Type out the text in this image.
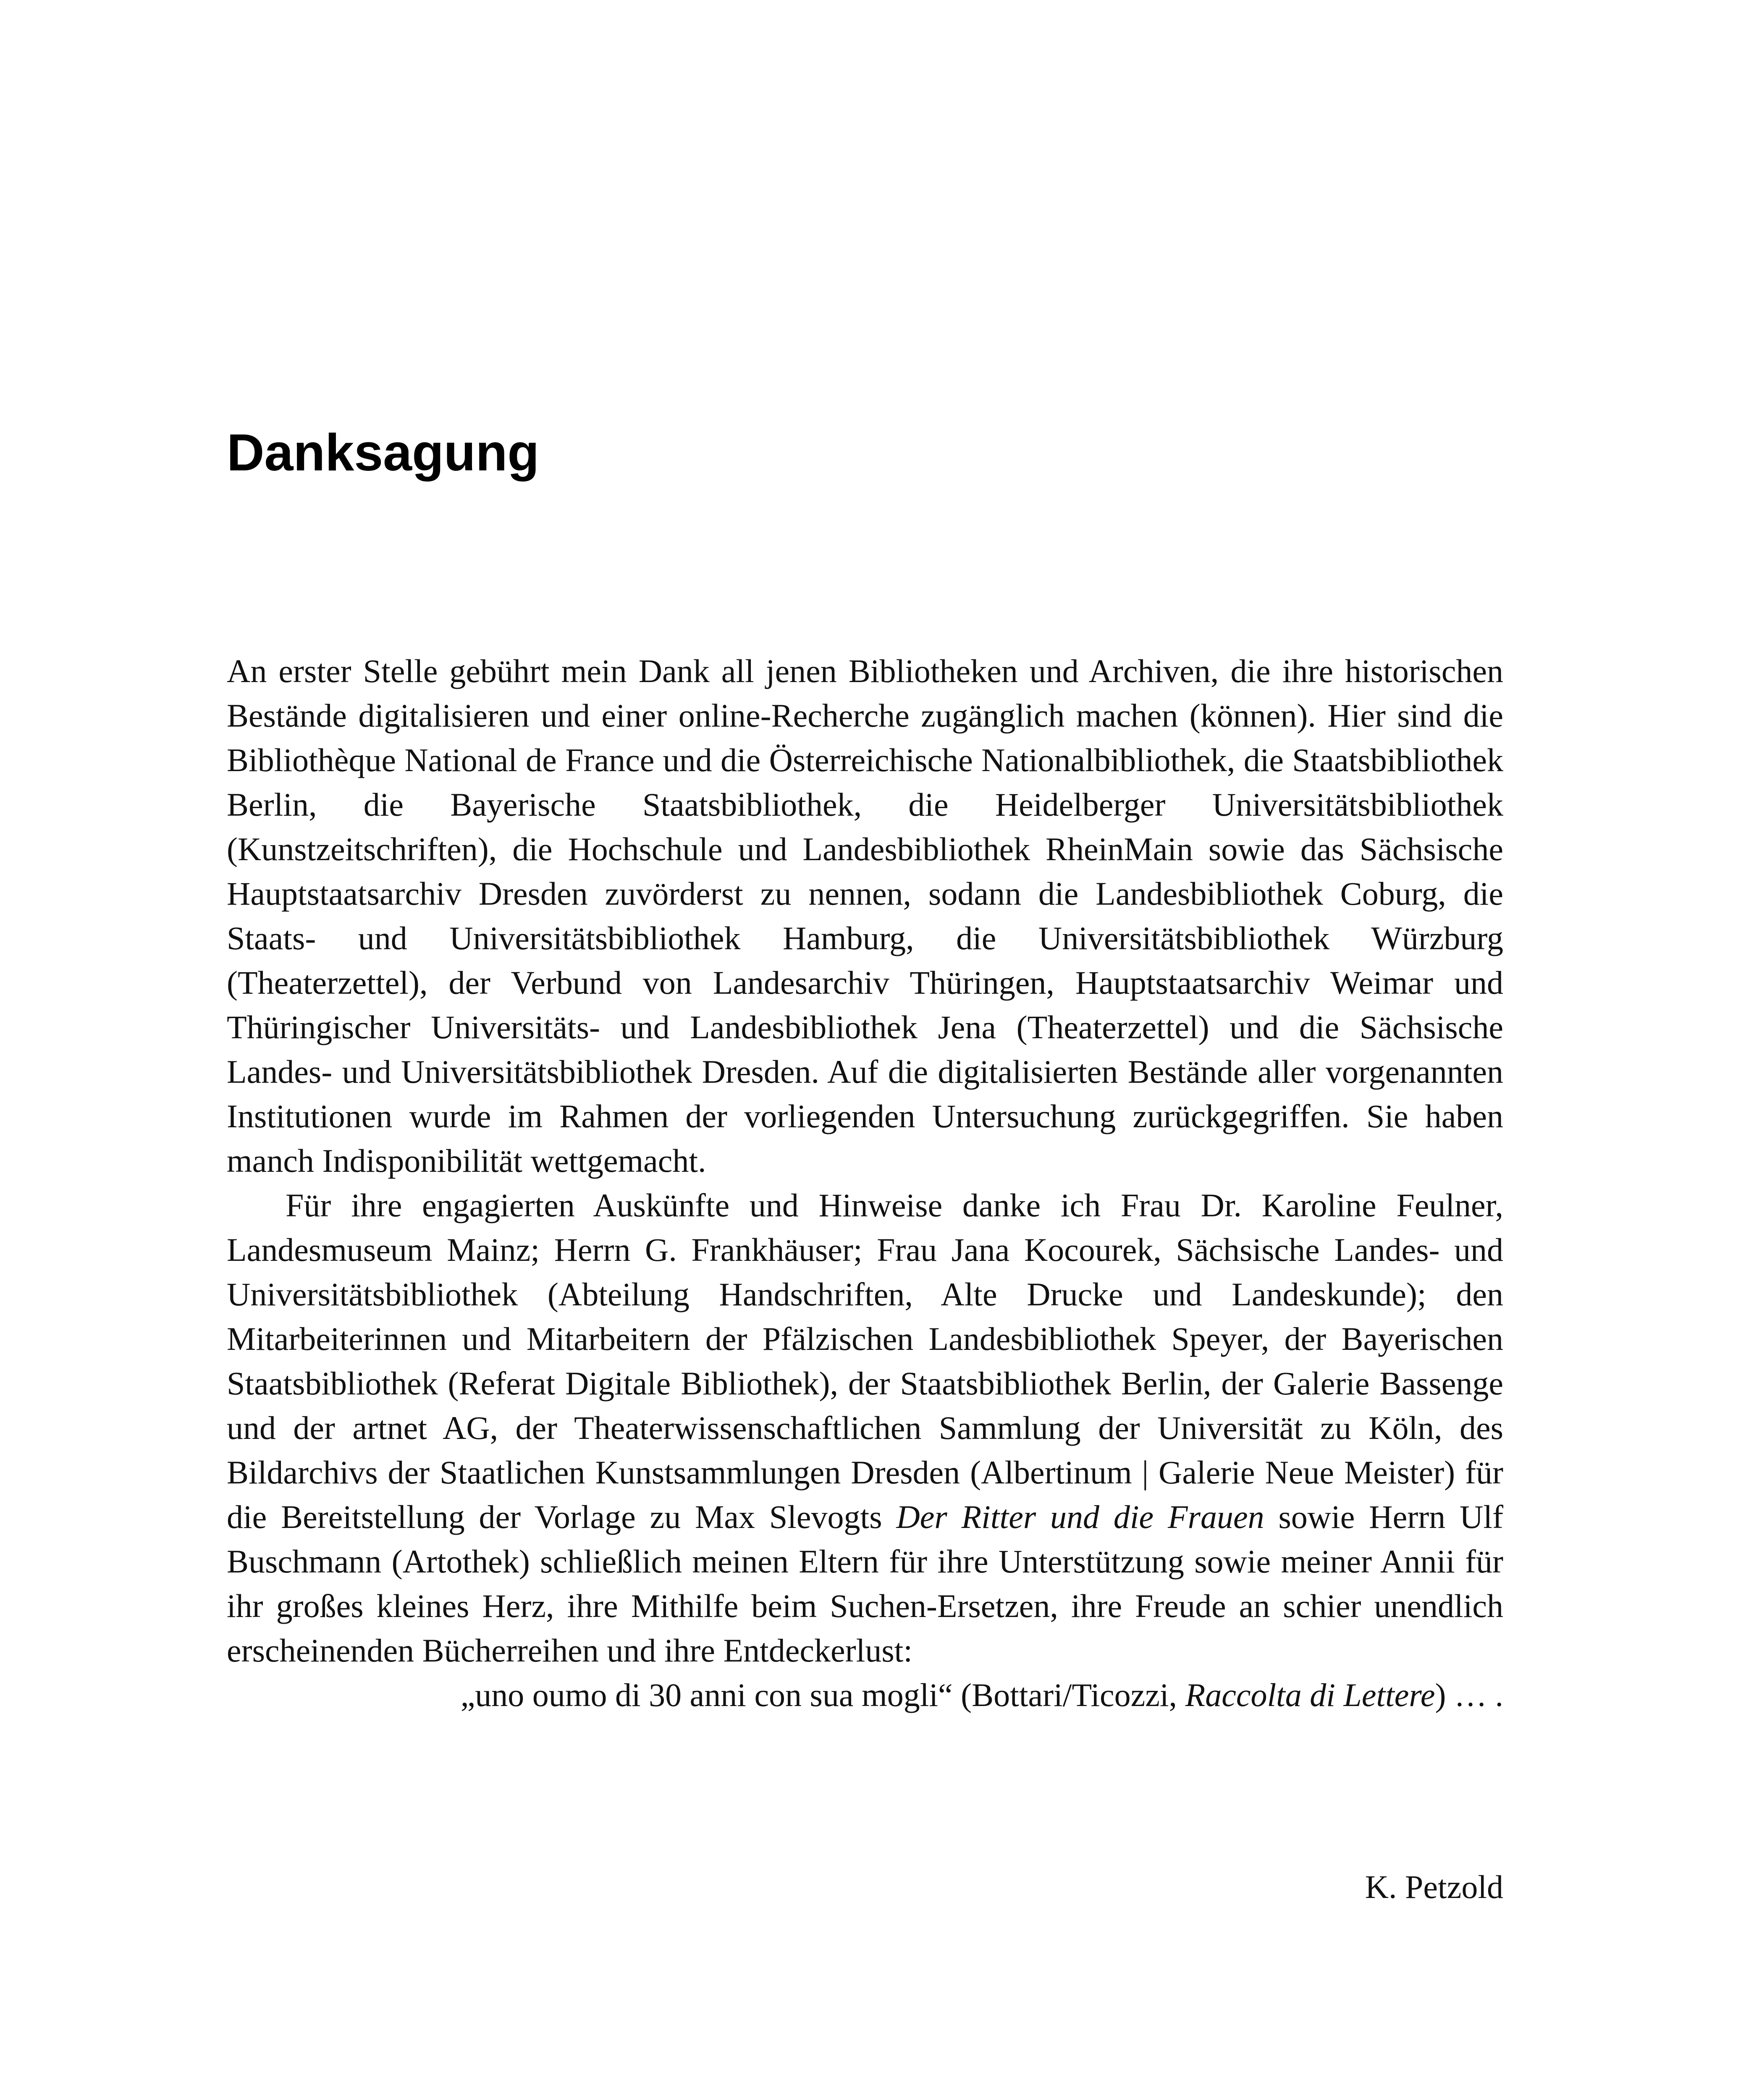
Danksagung

An erster Stelle gebührt mein Dank all jenen Bibliotheken und Archiven, die ihre historischen Bestände digitalisieren und einer online-Recherche zugänglich machen (können). Hier sind die Bibliothèque National de France und die Österreichische Nationalbibliothek, die Staatsbibliothek Berlin, die Bayerische Staatsbibliothek, die Heidelberger Universitätsbibliothek (Kunstzeitschriften), die Hochschule und Landesbibliothek RheinMain sowie das Sächsische Hauptstaatsarchiv Dresden zuvörderst zu nennen, sodann die Landesbibliothek Coburg, die Staats- und Universitätsbibliothek Hamburg, die Universitätsbibliothek Würzburg (Theaterzettel), der Verbund von Landesarchiv Thüringen, Hauptstaatsarchiv Weimar und Thüringischer Universitäts- und Landesbibliothek Jena (Theaterzettel) und die Sächsische Landes- und Universitätsbibliothek Dresden. Auf die digitalisierten Bestände aller vorgenannten Institutionen wurde im Rahmen der vorliegenden Untersuchung zurückgegriffen. Sie haben manch Indisponibilität wettgemacht.

Für ihre engagierten Auskünfte und Hinweise danke ich Frau Dr. Karoline Feulner, Landesmuseum Mainz; Herrn G. Frankhäuser; Frau Jana Kocourek, Sächsische Landes- und Universitätsbibliothek (Abteilung Handschriften, Alte Drucke und Landeskunde); den Mitarbeiterinnen und Mitarbeitern der Pfälzischen Landesbibliothek Speyer, der Bayerischen Staatsbibliothek (Referat Digitale Bibliothek), der Staatsbibliothek Berlin, der Galerie Bassenge und der artnet AG, der Theaterwissenschaftlichen Sammlung der Universität zu Köln, des Bildarchivs der Staatlichen Kunstsammlungen Dresden (Albertinum | Galerie Neue Meister) für die Bereitstellung der Vorlage zu Max Slevogts Der Ritter und die Frauen sowie Herrn Ulf Buschmann (Artothek) schließlich meinen Eltern für ihre Unterstützung sowie meiner Annii für ihr großes kleines Herz, ihre Mithilfe beim Suchen-Ersetzen, ihre Freude an schier unendlich erscheinenden Bücherreihen und ihre Entdeckerlust:

„uno oumo di 30 anni con sua mogli“ (Bottari/Ticozzi, Raccolta di Lettere) … .

K. Petzold
